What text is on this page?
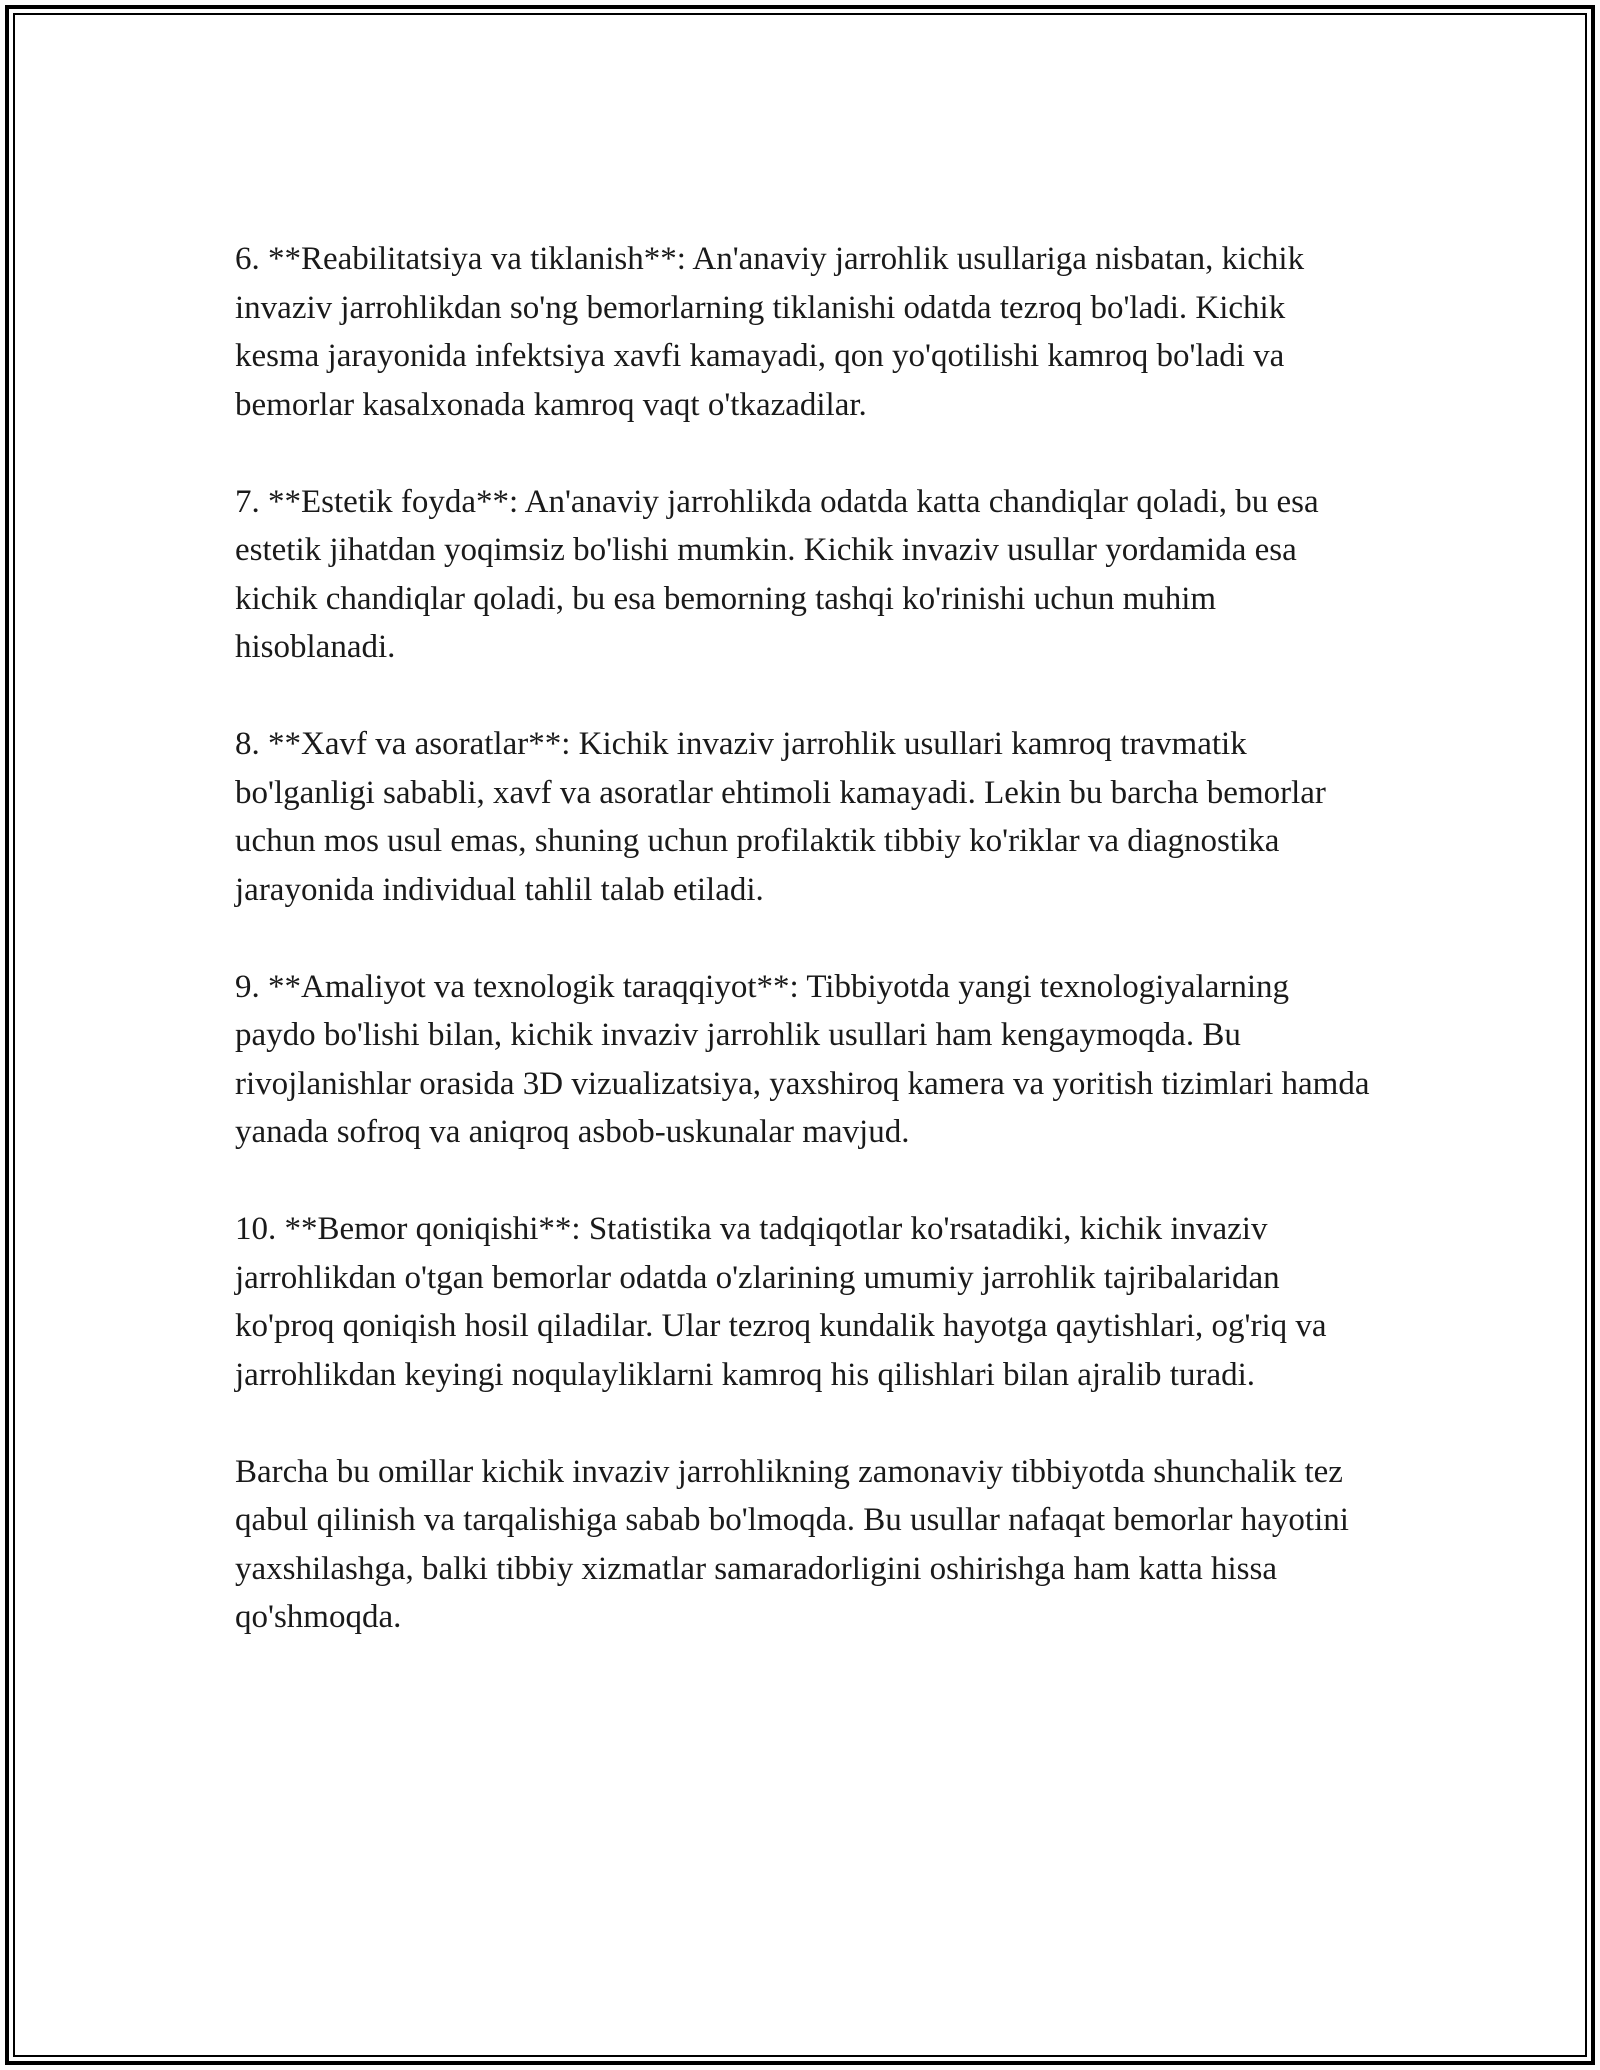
6. **Reabilitatsiya va tiklanish**: An'anaviy jarrohlik usullariga nisbatan, kichik invaziv jarrohlikdan so'ng bemorlarning tiklanishi odatda tezroq bo'ladi. Kichik kesma jarayonida infektsiya xavfi kamayadi, qon yo'qotilishi kamroq bo'ladi va bemorlar kasalxonada kamroq vaqt o'tkazadilar.

7. **Estetik foyda**: An'anaviy jarrohlikda odatda katta chandiqlar qoladi, bu esa estetik jihatdan yoqimsiz bo'lishi mumkin. Kichik invaziv usullar yordamida esa kichik chandiqlar qoladi, bu esa bemorning tashqi ko'rinishi uchun muhim hisoblanadi.

8. **Xavf va asoratlar**: Kichik invaziv jarrohlik usullari kamroq travmatik bo'lganligi sababli, xavf va asoratlar ehtimoli kamayadi. Lekin bu barcha bemorlar uchun mos usul emas, shuning uchun profilaktik tibbiy ko'riklar va diagnostika jarayonida individual tahlil talab etiladi.

9. **Amaliyot va texnologik taraqqiyot**: Tibbiyotda yangi texnologiyalarning paydo bo'lishi bilan, kichik invaziv jarrohlik usullari ham kengaymoqda. Bu rivojlanishlar orasida 3D vizualizatsiya, yaxshiroq kamera va yoritish tizimlari hamda yanada sofroq va aniqroq asbob-uskunalar mavjud.

10. **Bemor qoniqishi**: Statistika va tadqiqotlar ko'rsatadiki, kichik invaziv jarrohlikdan o'tgan bemorlar odatda o'zlarining umumiy jarrohlik tajribalaridan ko'proq qoniqish hosil qiladilar. Ular tezroq kundalik hayotga qaytishlari, og'riq va jarrohlikdan keyingi noqulayliklarni kamroq his qilishlari bilan ajralib turadi.

Barcha bu omillar kichik invaziv jarrohlikning zamonaviy tibbiyotda shunchalik tez qabul qilinish va tarqalishiga sabab bo'lmoqda. Bu usullar nafaqat bemorlar hayotini yaxshilashga, balki tibbiy xizmatlar samaradorligini oshirishga ham katta hissa qo'shmoqda.
